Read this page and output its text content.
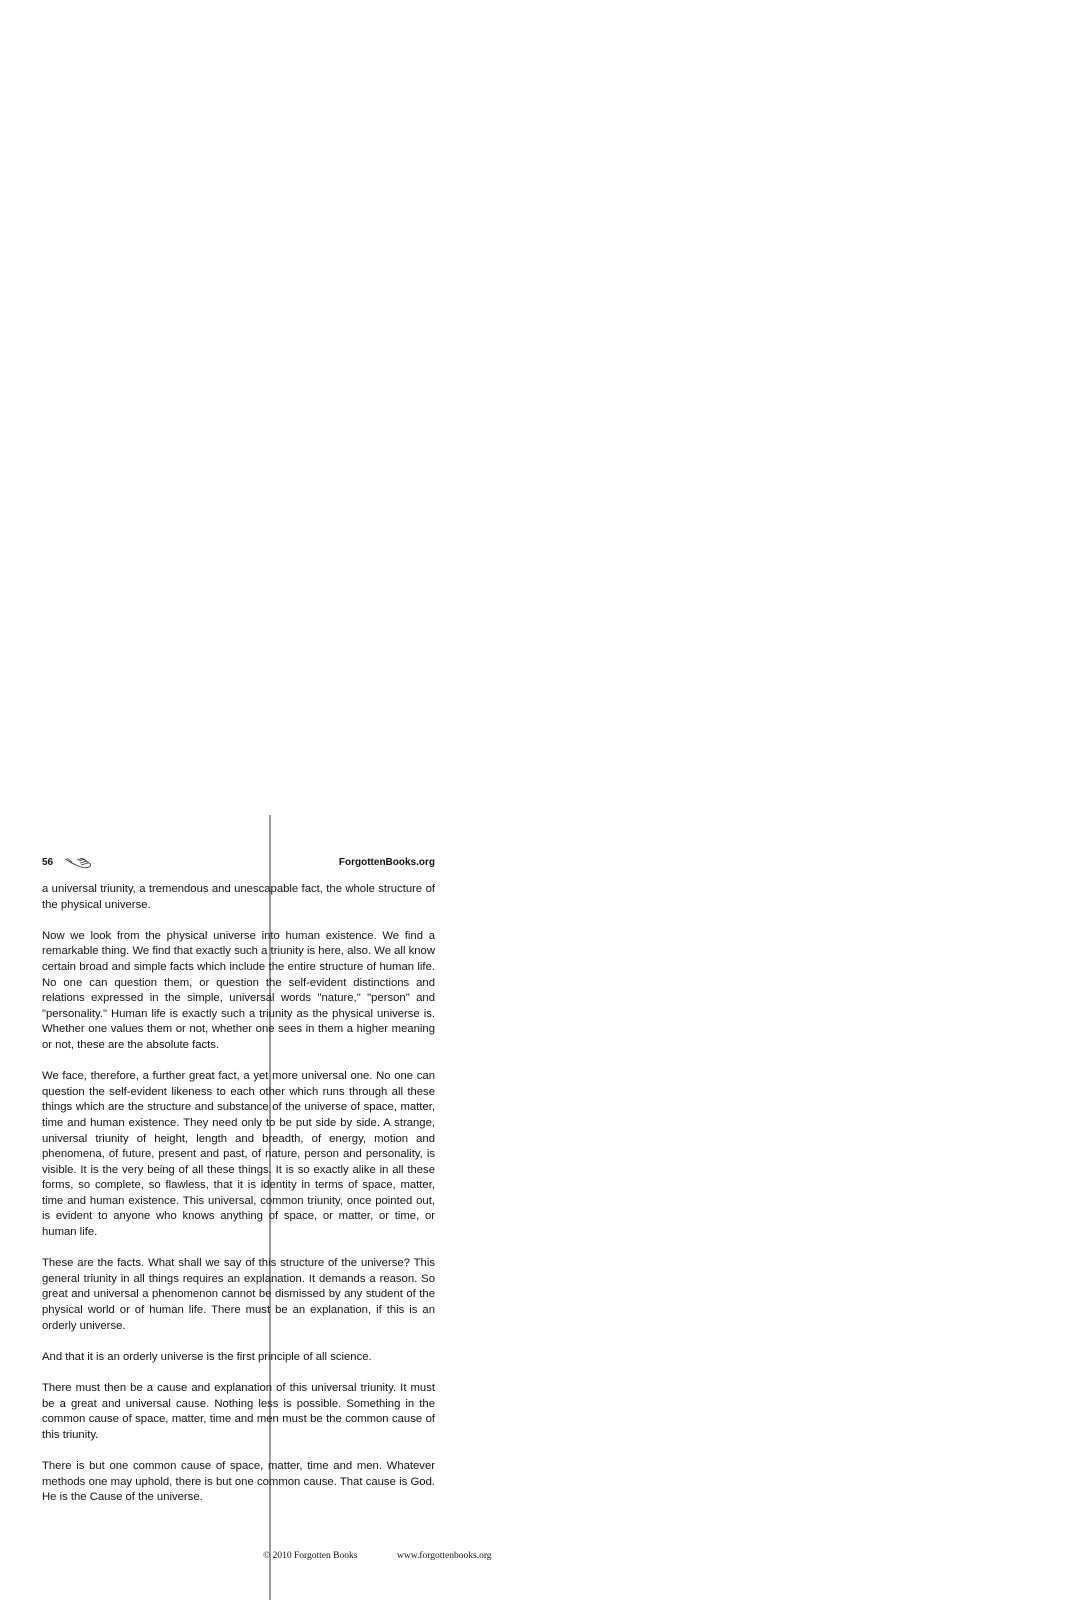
56	ForgottenBooks.org

a universal triunity, a tremendous and unescapable fact, the whole structure of the physical universe.

Now we look from the physical universe into human existence. We find a remarkable thing. We find that exactly such a triunity is here, also. We all know certain broad and simple facts which include the entire structure of human life. No one can question them, or question the self-evident distinctions and relations expressed in the simple, universal words "nature," "person" and "personality." Human life is exactly such a triunity as the physical universe is. Whether one values them or not, whether one sees in them a higher meaning or not, these are the absolute facts.

We face, therefore, a further great fact, a yet more universal one. No one can question the self-evident likeness to each other which runs through all these things which are the structure and substance of the universe of space, matter, time and human existence. They need only to be put side by side. A strange, universal triunity of height, length and breadth, of energy, motion and phenomena, of future, present and past, of nature, person and personality, is visible. It is the very being of all these things. It is so exactly alike in all these forms, so complete, so flawless, that it is identity in terms of space, matter, time and human existence. This universal, common triunity, once pointed out, is evident to anyone who knows anything of space, or matter, or time, or human life.

These are the facts. What shall we say of this structure of the universe? This general triunity in all things requires an explanation. It demands a reason. So great and universal a phenomenon cannot be dismissed by any student of the physical world or of human life. There must be an explanation, if this is an orderly universe.

And that it is an orderly universe is the first principle of all science.

There must then be a cause and explanation of this universal triunity. It must be a great and universal cause. Nothing less is possible. Something in the common cause of space, matter, time and men must be the common cause of this triunity.

There is but one common cause of space, matter, time and men. Whatever methods one may uphold, there is but one common cause. That cause is God. He is the Cause of the universe.

© 2010 Forgotten Books	www.forgottenbooks.org
